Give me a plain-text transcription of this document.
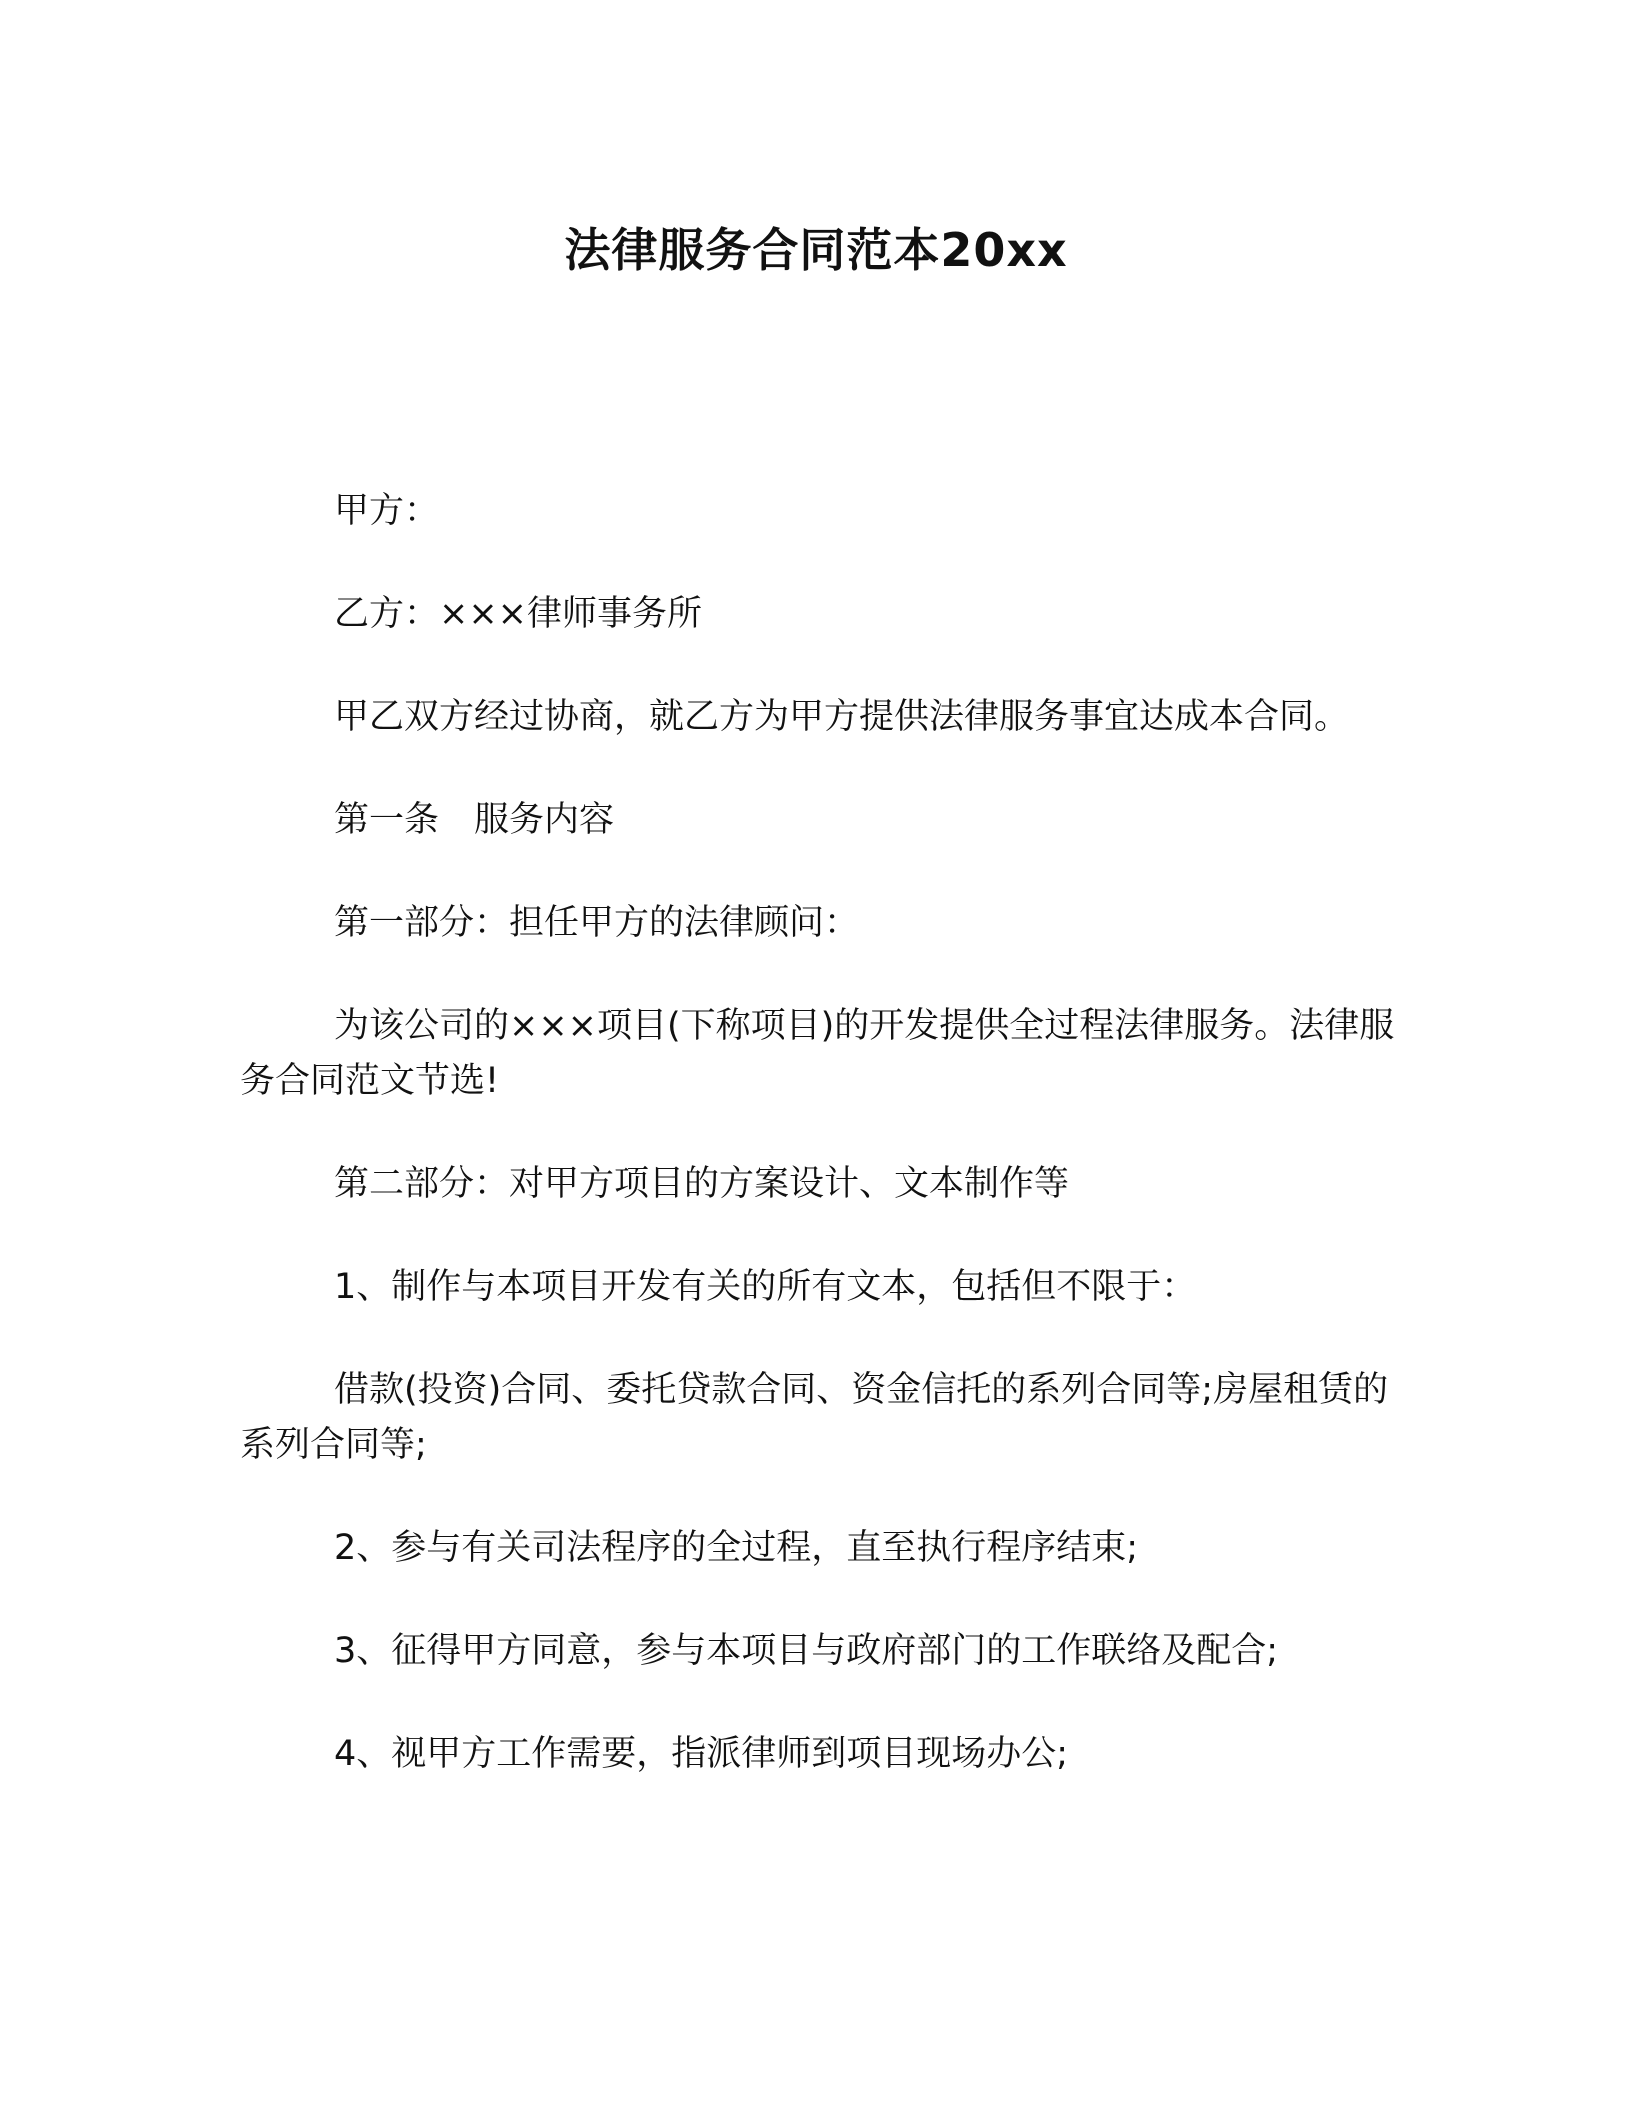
法律服务合同范本20xx

甲方：

乙方：×××律师事务所

甲乙双方经过协商，就乙方为甲方提供法律服务事宜达成本合同。

第一条　服务内容

第一部分：担任甲方的法律顾问：

为该公司的×××项目(下称项目)的开发提供全过程法律服务。法律服务合同范文节选!

第二部分：对甲方项目的方案设计、文本制作等

1、制作与本项目开发有关的所有文本，包括但不限于：

借款(投资)合同、委托贷款合同、资金信托的系列合同等;房屋租赁的系列合同等;

2、参与有关司法程序的全过程，直至执行程序结束;

3、征得甲方同意，参与本项目与政府部门的工作联络及配合;

4、视甲方工作需要，指派律师到项目现场办公;
